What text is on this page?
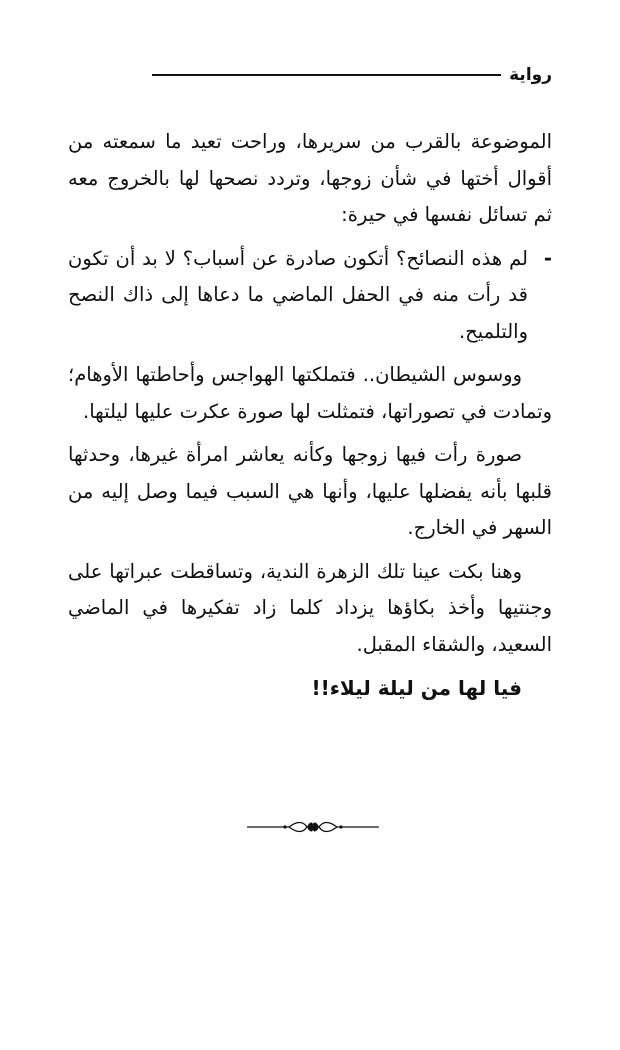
رواية

الموضوعة بالقرب من سريرها، وراحت تعيد ما سمعته من أقوال أختها في شأن زوجها، وتردد نصحها لها بالخروج معه ثم تسائل نفسها في حيرة:

-
لم هذه النصائح؟ أتكون صادرة عن أسباب؟ لا بد أن تكون قد رأت منه في الحفل الماضي ما دعاها إلى ذاك النصح والتلميح.

ووسوس الشيطان.. فتملكتها الهواجس وأحاطتها الأوهام؛ وتمادت في تصوراتها، فتمثلت لها صورة عكرت عليها ليلتها.

صورة رأت فيها زوجها وكأنه يعاشر امرأة غيرها، وحدثها قلبها بأنه يفضلها عليها، وأنها هي السبب فيما وصل إليه من السهر في الخارج.

وهنا بكت عينا تلك الزهرة الندية، وتساقطت عبراتها على وجنتيها وأخذ بكاؤها يزداد كلما زاد تفكيرها في الماضي السعيد، والشقاء المقبل.

فيا لها من ليلة ليلاء!!
